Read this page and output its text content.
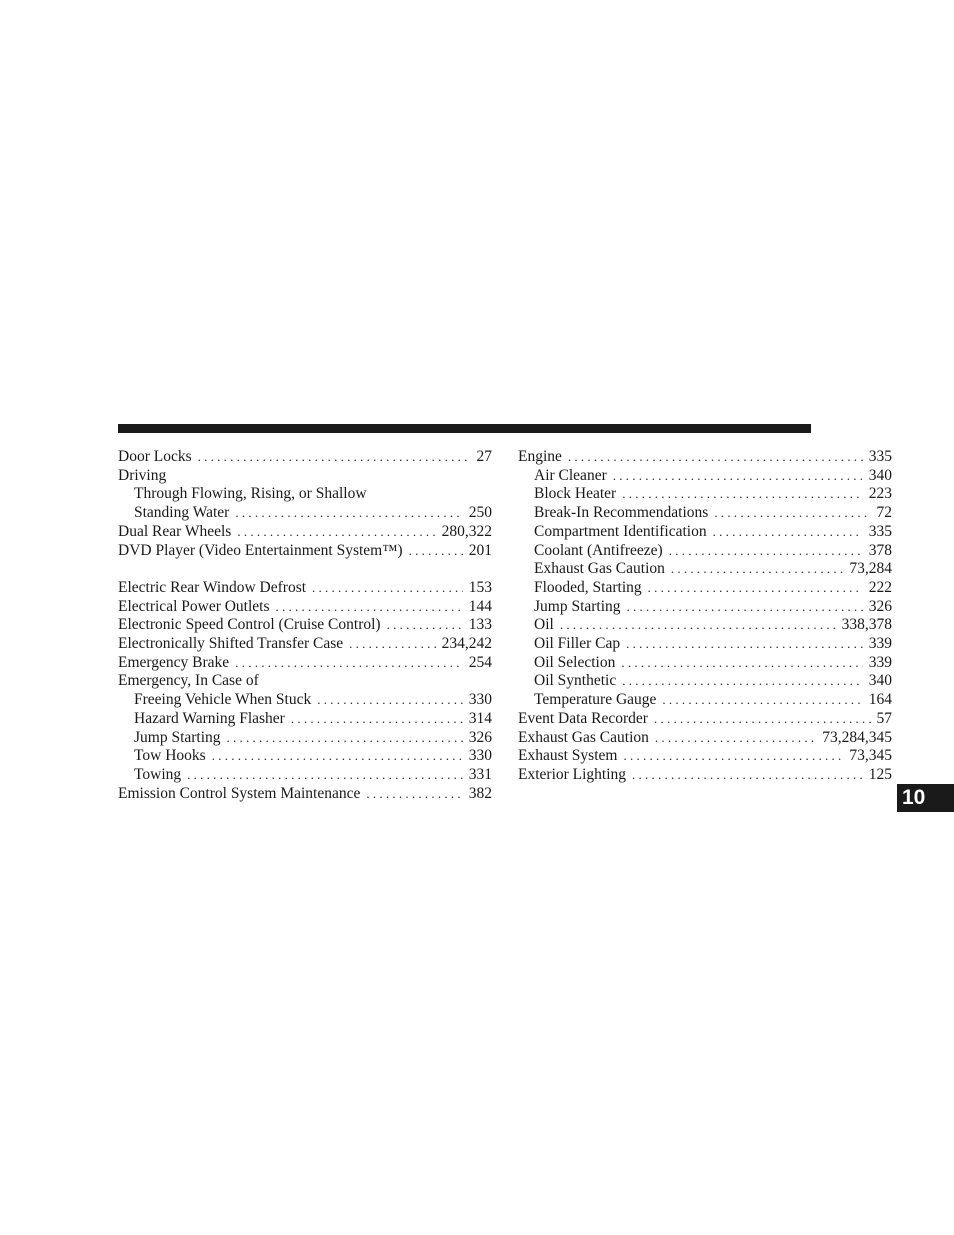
Door Locks . . .	27
Driving
Through Flowing, Rising, or Shallow
Standing Water . . .	250
Dual Rear Wheels . . .	280,322
DVD Player (Video Entertainment System™) . . .	201
Electric Rear Window Defrost . . .	153
Electrical Power Outlets . . .	144
Electronic Speed Control (Cruise Control) . . .	133
Electronically Shifted Transfer Case . . .	234,242
Emergency Brake . . .	254
Emergency, In Case of
Freeing Vehicle When Stuck . . .	330
Hazard Warning Flasher . . .	314
Jump Starting . . .	326
Tow Hooks . . .	330
Towing . . .	331
Emission Control System Maintenance . . .	382
Engine . . .	335
Air Cleaner . . .	340
Block Heater . . .	223
Break-In Recommendations . . .	72
Compartment Identification . . .	335
Coolant (Antifreeze) . . .	378
Exhaust Gas Caution . . .	73,284
Flooded, Starting . . .	222
Jump Starting . . .	326
Oil . . .	338,378
Oil Filler Cap . . .	339
Oil Selection . . .	339
Oil Synthetic . . .	340
Temperature Gauge . . .	164
Event Data Recorder . . .	57
Exhaust Gas Caution . . .	73,284,345
Exhaust System . . .	73,345
Exterior Lighting . . .	125
10
